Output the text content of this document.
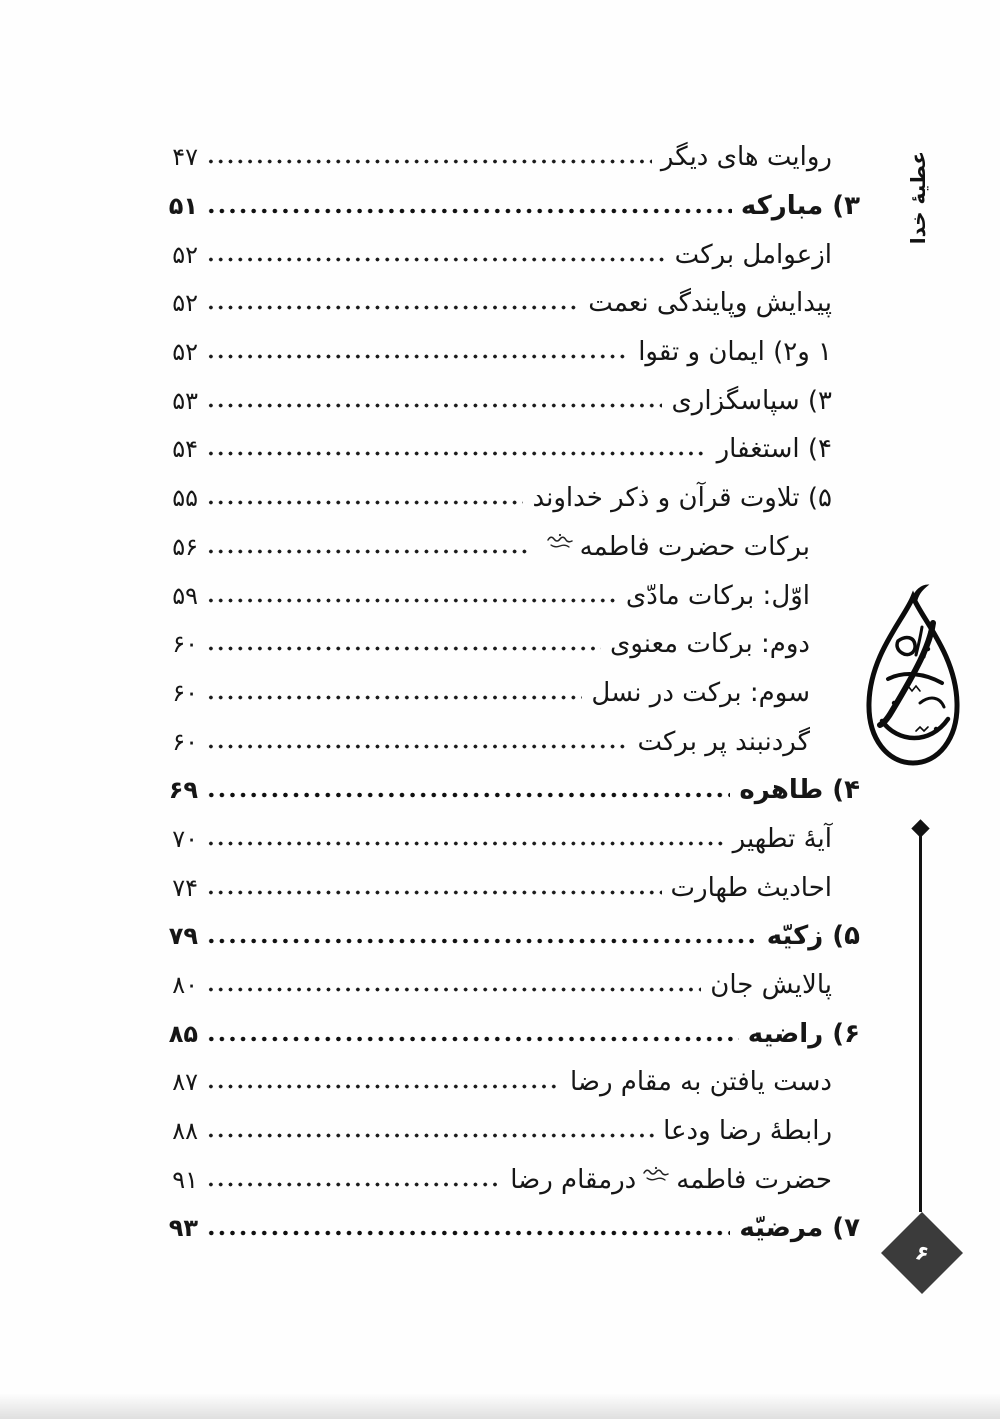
عطیهٔ خدا
۶
روایت های دیگر
۴۷
۳) مبارکه
۵۱
ازعوامل برکت
۵۲
پیدایش وپایندگی نعمت
۵۲
۱ و۲) ایمان و تقوا
۵۲
۳) سپاسگزاری
۵۳
۴) استغفار
۵۴
۵) تلاوت قرآن و ذکر خداوند
۵۵
برکات حضرت فاطمه
۵۶
اوّل: برکات مادّی
۵۹
دوم: برکات معنوی
۶۰
سوم: برکت در نسل
۶۰
گردنبند پر برکت
۶۰
۴) طاهره
۶۹
آیهٔ تطهیر
۷۰
احادیث طهارت
۷۴
۵) زکیّه
۷۹
پالایش جان
۸۰
۶) راضیه
۸۵
دست یافتن به مقام رضا
۸۷
رابطهٔ رضا ودعا
۸۸
حضرت فاطمه
درمقام رضا
۹۱
۷) مرضیّه
۹۳
